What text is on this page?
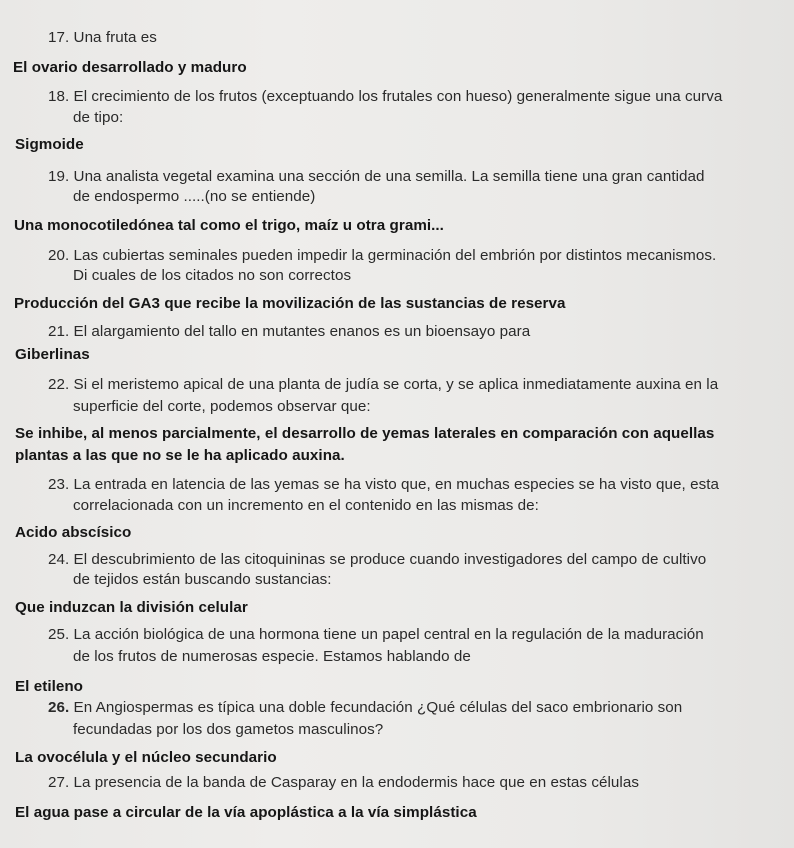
17. Una fruta es
El ovario desarrollado y maduro
18. El crecimiento de los frutos (exceptuando los frutales con hueso) generalmente sigue una curva
de tipo:
Sigmoide
19. Una analista vegetal examina una sección de una semilla. La semilla tiene una gran cantidad
de endospermo .....(no se entiende)
Una monocotiledónea tal como el trigo, maíz u otra grami...
20. Las cubiertas seminales pueden impedir la germinación del embrión por distintos mecanismos.
Di cuales de los citados no son correctos
Producción del GA3 que recibe la movilización de las sustancias de reserva
21. El alargamiento del tallo en mutantes enanos es un bioensayo para
Giberlinas
22. Si el meristemo apical de una planta de judía se corta, y se aplica inmediatamente auxina en la
superficie del corte, podemos observar que:
Se inhibe, al menos parcialmente, el desarrollo de yemas laterales en comparación con aquellas
plantas a las que no se le ha aplicado auxina.
23. La entrada en latencia de las yemas se ha visto que, en muchas especies se ha visto que, esta
correlacionada con un incremento en el contenido en las mismas de:
Acido abscísico
24. El descubrimiento de las citoquininas se produce cuando investigadores del campo de cultivo
de tejidos están buscando sustancias:
Que induzcan la división celular
25. La acción biológica de una hormona tiene un papel central en la regulación de la maduración
de los frutos de numerosas especie. Estamos hablando de
El etileno
26. En Angiospermas es típica una doble fecundación ¿Qué células del saco embrionario son
fecundadas por los dos gametos masculinos?
La ovocélula y el núcleo secundario
27. La presencia de la banda de Casparay en la endodermis hace que en estas células
El agua pase a circular de la vía apoplástica a la vía simplástica
